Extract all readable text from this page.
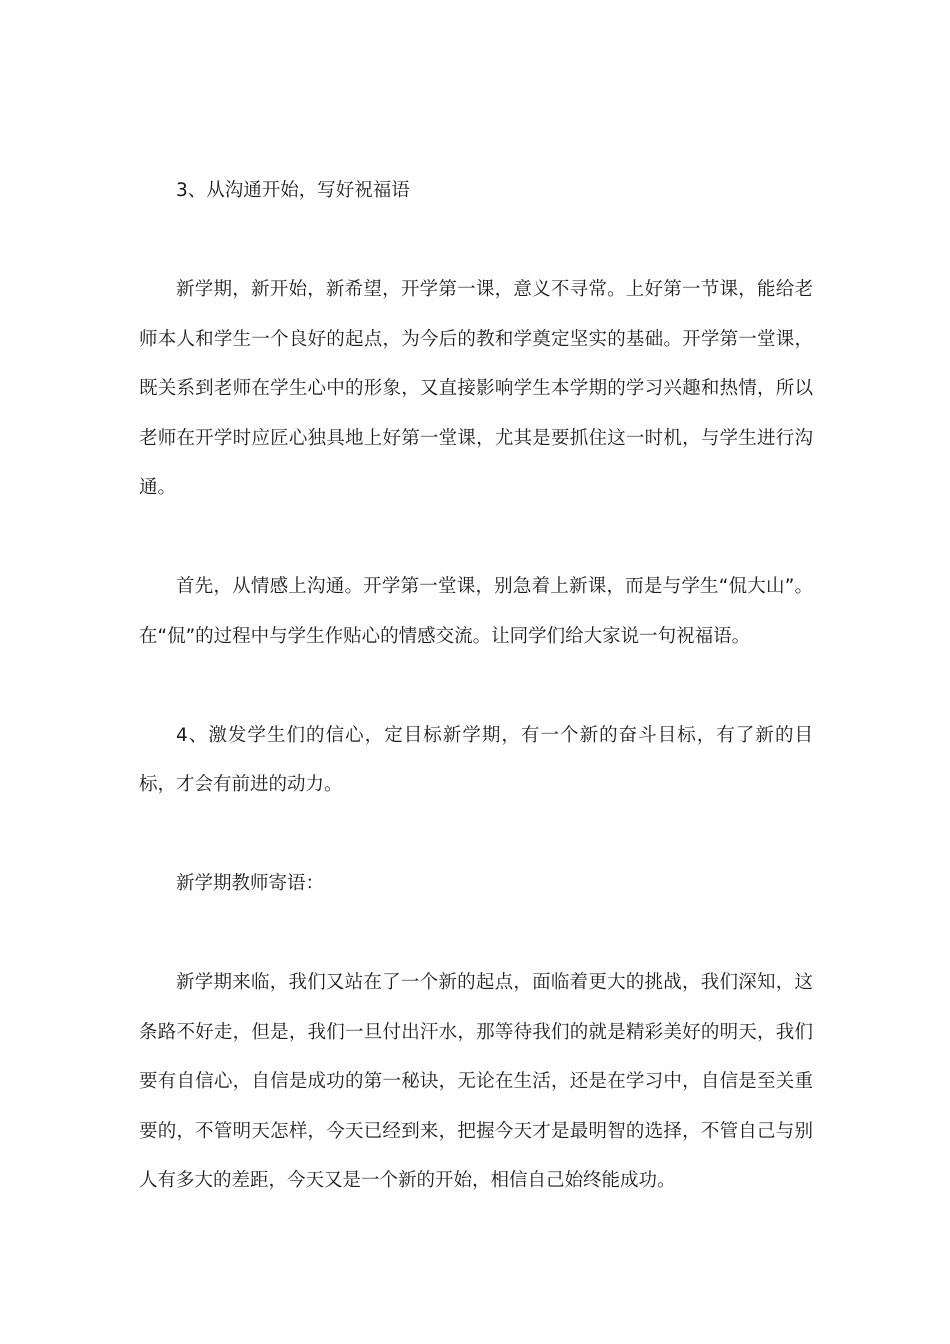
3、从沟通开始，写好祝福语

新学期，新开始，新希望，开学第一课，意义不寻常。上好第一节课，能给老师本人和学生一个良好的起点，为今后的教和学奠定坚实的基础。开学第一堂课，既关系到老师在学生心中的形象，又直接影响学生本学期的学习兴趣和热情，所以老师在开学时应匠心独具地上好第一堂课，尤其是要抓住这一时机，与学生进行沟通。

首先，从情感上沟通。开学第一堂课，别急着上新课，而是与学生“侃大山”。在“侃”的过程中与学生作贴心的情感交流。让同学们给大家说一句祝福语。

4、激发学生们的信心，定目标新学期，有一个新的奋斗目标，有了新的目标，才会有前进的动力。

新学期教师寄语：

新学期来临，我们又站在了一个新的起点，面临着更大的挑战，我们深知，这条路不好走，但是，我们一旦付出汗水，那等待我们的就是精彩美好的明天，我们要有自信心，自信是成功的第一秘诀，无论在生活，还是在学习中，自信是至关重要的，不管明天怎样，今天已经到来，把握今天才是最明智的选择，不管自己与别人有多大的差距，今天又是一个新的开始，相信自己始终能成功。
